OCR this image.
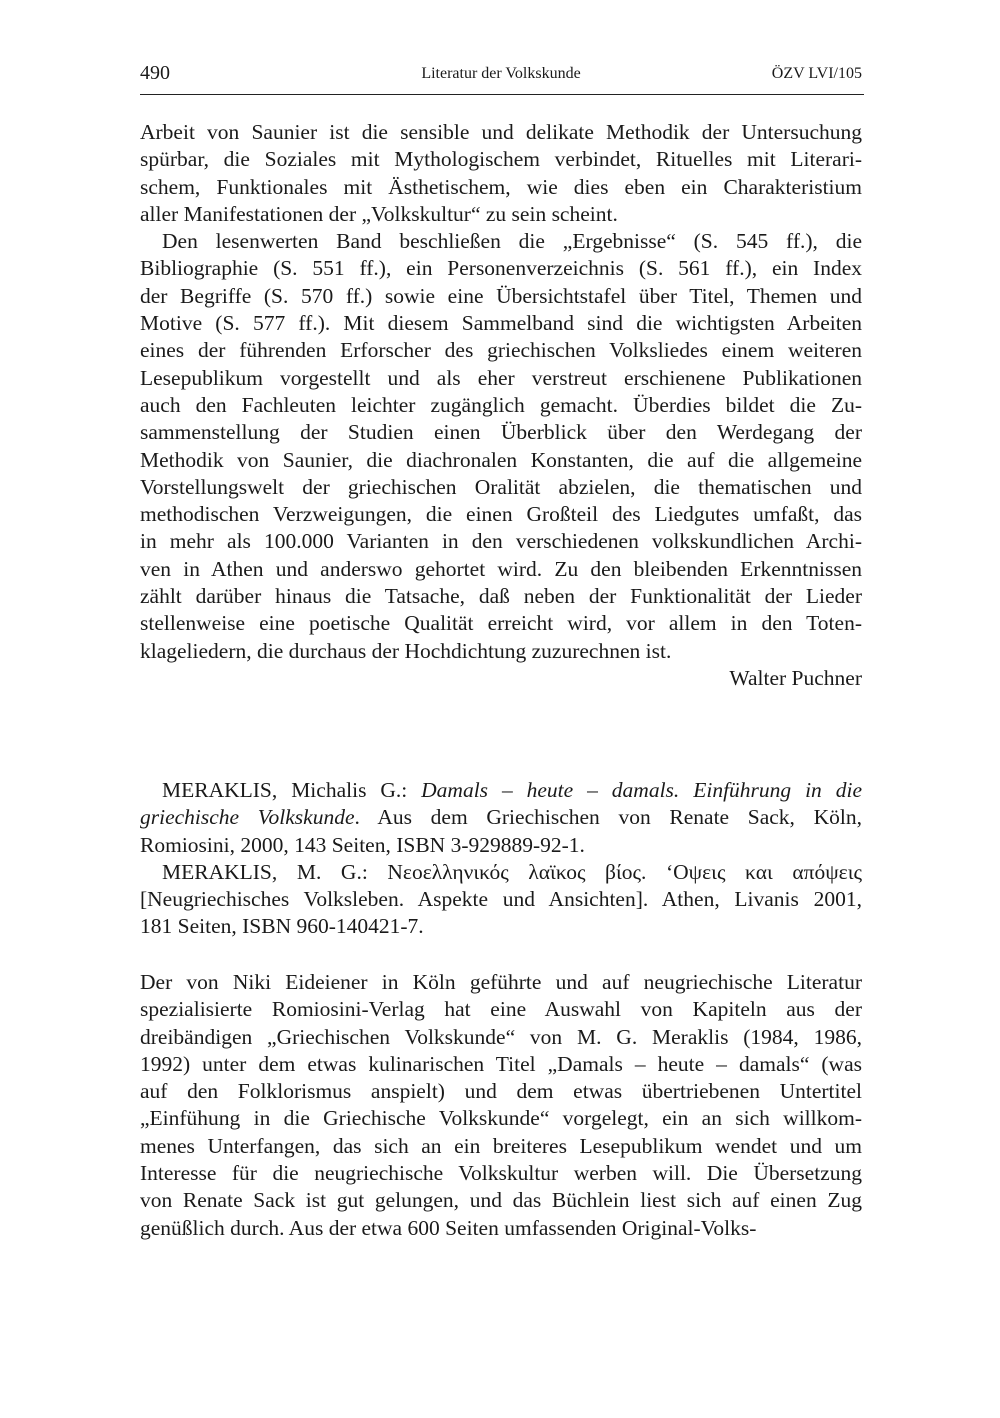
490	Literatur der Volkskunde	ÖZV LVI/105
Arbeit von Saunier ist die sensible und delikate Methodik der Untersuchung
spürbar, die Soziales mit Mythologischem verbindet, Rituelles mit Literari-
schem, Funktionales mit Ästhetischem, wie dies eben ein Charakteristium
aller Manifestationen der „Volkskultur“ zu sein scheint.
Den lesenwerten Band beschließen die „Ergebnisse“ (S. 545 ff.), die
Bibliographie (S. 551 ff.), ein Personenverzeichnis (S. 561 ff.), ein Index
der Begriffe (S. 570 ff.) sowie eine Übersichtstafel über Titel, Themen und
Motive (S. 577 ff.). Mit diesem Sammelband sind die wichtigsten Arbeiten
eines der führenden Erforscher des griechischen Volksliedes einem weiteren
Lesepublikum vorgestellt und als eher verstreut erschienene Publikationen
auch den Fachleuten leichter zugänglich gemacht. Überdies bildet die Zu-
sammenstellung der Studien einen Überblick über den Werdegang der
Methodik von Saunier, die diachronalen Konstanten, die auf die allgemeine
Vorstellungswelt der griechischen Oralität abzielen, die thematischen und
methodischen Verzweigungen, die einen Großteil des Liedgutes umfaßt, das
in mehr als 100.000 Varianten in den verschiedenen volkskundlichen Archi-
ven in Athen und anderswo gehortet wird. Zu den bleibenden Erkenntnissen
zählt darüber hinaus die Tatsache, daß neben der Funktionalität der Lieder
stellenweise eine poetische Qualität erreicht wird, vor allem in den Toten-
klageliedern, die durchaus der Hochdichtung zuzurechnen ist.
Walter Puchner
MERAKLIS, Michalis G.: Damals – heute – damals. Einführung in die
griechische Volkskunde. Aus dem Griechischen von Renate Sack, Köln,
Romiosini, 2000, 143 Seiten, ISBN 3-929889-92-1.
MERAKLIS, M. G.: Νεοελληνικός λαϊκος βίος. ‘Οψεις και απόψεις
[Neugriechisches Volksleben. Aspekte und Ansichten]. Athen, Livanis 2001,
181 Seiten, ISBN 960-140421-7.
Der von Niki Eideiener in Köln geführte und auf neugriechische Literatur
spezialisierte Romiosini-Verlag hat eine Auswahl von Kapiteln aus der
dreibändigen „Griechischen Volkskunde“ von M. G. Meraklis (1984, 1986,
1992) unter dem etwas kulinarischen Titel „Damals – heute – damals“ (was
auf den Folklorismus anspielt) und dem etwas übertriebenen Untertitel
„Einfühung in die Griechische Volkskunde“ vorgelegt, ein an sich willkom-
menes Unterfangen, das sich an ein breiteres Lesepublikum wendet und um
Interesse für die neugriechische Volkskultur werben will. Die Übersetzung
von Renate Sack ist gut gelungen, und das Büchlein liest sich auf einen Zug
genüßlich durch. Aus der etwa 600 Seiten umfassenden Original-Volks-
